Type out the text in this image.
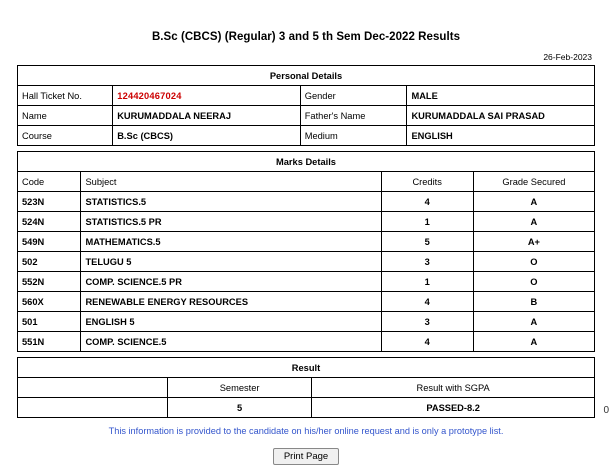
B.Sc (CBCS) (Regular) 3 and 5 th Sem Dec-2022 Results
26-Feb-2023
Personal Details			
Hall Ticket No.	124420467024	Gender	MALE
Name	KURUMADDALA NEERAJ	Father's Name	KURUMADDALA SAI PRASAD
Course	B.Sc (CBCS)	Medium	ENGLISH
Marks Details			
Code	Subject	Credits	Grade Secured
523N	STATISTICS.5	4	A
524N	STATISTICS.5 PR	1	A
549N	MATHEMATICS.5	5	A+
502	TELUGU 5	3	O
552N	COMP. SCIENCE.5 PR	1	O
560X	RENEWABLE ENERGY RESOURCES	4	B
501	ENGLISH 5	3	A
551N	COMP. SCIENCE.5	4	A
Result		
	Semester	Result with SGPA
	5	PASSED-8.2
This information is provided to the candidate on his/her online request and is only a prototype list.
Print Page
0
